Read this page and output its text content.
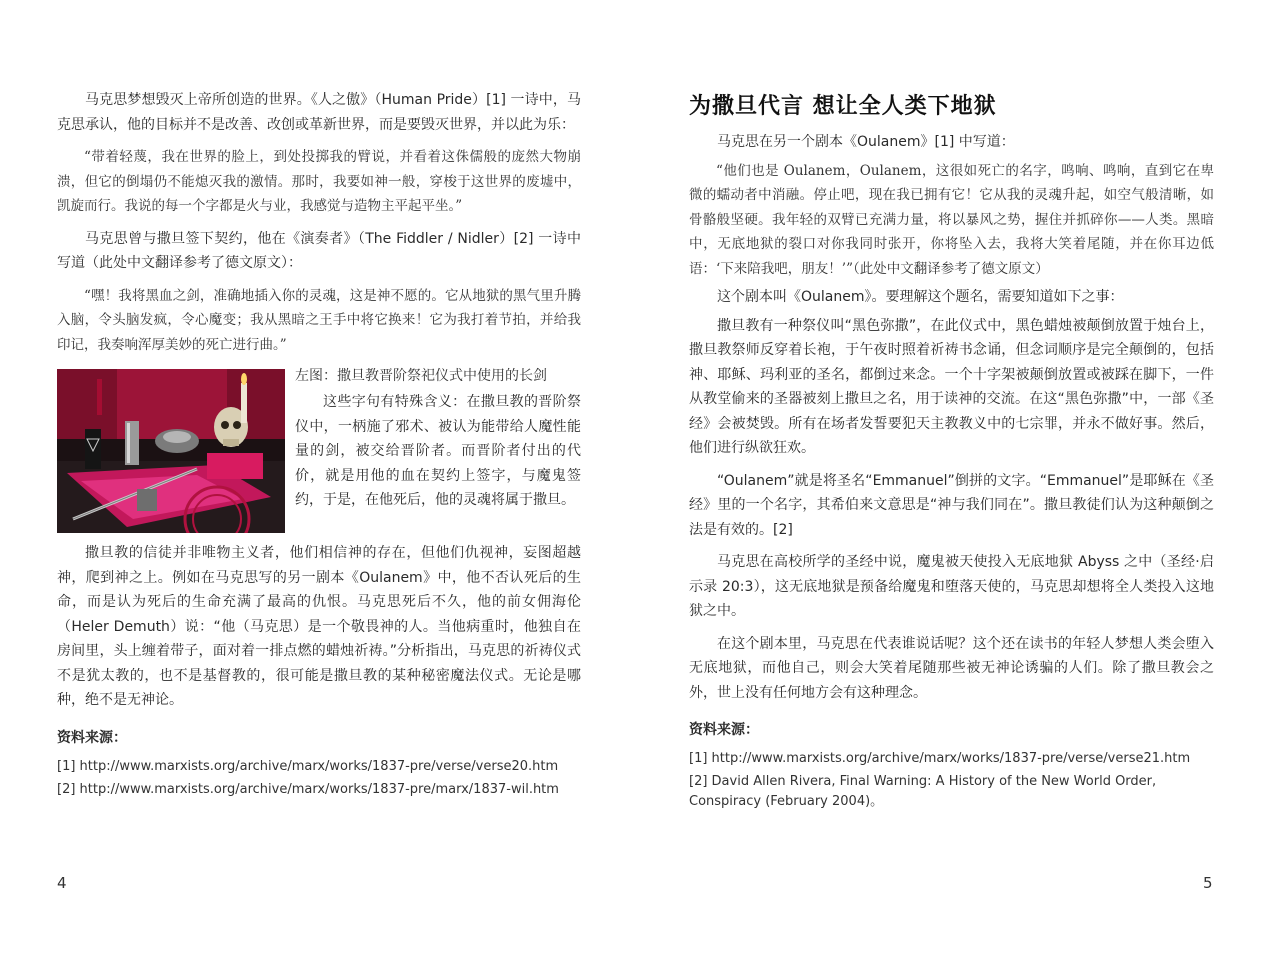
马克思梦想毁灭上帝所创造的世界。《人之傲》（Human Pride）[1] 一诗中，马克思承认，他的目标并不是改善、改创或革新世界，而是要毁灭世界，并以此为乐：

“带着轻蔑，我在世界的脸上，到处投掷我的臂说，并看着这侏儒般的庞然大物崩溃，但它的倒塌仍不能熄灭我的激情。那时，我要如神一般，穿梭于这世界的废墟中，凯旋而行。我说的每一个字都是火与业，我感觉与造物主平起平坐。”

马克思曾与撒旦签下契约，他在《演奏者》（The Fiddler / Nidler）[2] 一诗中写道（此处中文翻译参考了德文原文）：

“嘿！我将黑血之剑，准确地插入你的灵魂，这是神不愿的。它从地狱的黑气里升腾入脑，令头脑发疯，令心魔变；我从黑暗之王手中将它换来！它为我打着节拍，并给我印记，我奏响浑厚美妙的死亡进行曲。”

左图：撒旦教晋阶祭祀仪式中使用的长剑

这些字句有特殊含义：在撒旦教的晋阶祭仪中，一柄施了邪术、被认为能带给人魔性能量的剑，被交给晋阶者。而晋阶者付出的代价，就是用他的血在契约上签字，与魔鬼签约，于是，在他死后，他的灵魂将属于撒旦。

撒旦教的信徒并非唯物主义者，他们相信神的存在，但他们仇视神，妄图超越神，爬到神之上。例如在马克思写的另一剧本《Oulanem》中，他不否认死后的生命，而是认为死后的生命充满了最高的仇恨。马克思死后不久，他的前女佣海伦（Heler Demuth）说：“他（马克思）是一个敬畏神的人。当他病重时，他独自在房间里，头上缠着带子，面对着一排点燃的蜡烛祈祷。”分析指出，马克思的祈祷仪式不是犹太教的，也不是基督教的，很可能是撒旦教的某种秘密魔法仪式。无论是哪种，绝不是无神论。

资料来源：

[1] http://www.marxists.org/archive/marx/works/1837-pre/verse/verse20.htm

[2] http://www.marxists.org/archive/marx/works/1837-pre/marx/1837-wil.htm

4
为撒旦代言 想让全人类下地狱

马克思在另一个剧本《Oulanem》[1] 中写道：

“他们也是 Oulanem，Oulanem，这很如死亡的名字，鸣响、鸣响，直到它在卑微的蠕动者中消融。停止吧，现在我已拥有它！它从我的灵魂升起，如空气般清晰，如骨骼般坚硬。我年轻的双臂已充满力量，将以暴风之势，握住并抓碎你——人类。黑暗中，无底地狱的裂口对你我同时张开，你将坠入去，我将大笑着尾随，并在你耳边低语：‘下来陪我吧，朋友！’”（此处中文翻译参考了德文原文）

这个剧本叫《Oulanem》。要理解这个题名，需要知道如下之事：

撒旦教有一种祭仪叫“黑色弥撒”，在此仪式中，黑色蜡烛被颠倒放置于烛台上，撒旦教祭师反穿着长袍，于午夜时照着祈祷书念诵，但念词顺序是完全颠倒的，包括神、耶稣、玛利亚的圣名，都倒过来念。一个十字架被颠倒放置或被踩在脚下，一件从教堂偷来的圣器被刻上撒旦之名，用于读神的交流。在这“黑色弥撒”中，一部《圣经》会被焚毁。所有在场者发誓要犯天主教教义中的七宗罪，并永不做好事。然后，他们进行纵欲狂欢。

“Oulanem”就是将圣名“Emmanuel”倒拼的文字。“Emmanuel”是耶稣在《圣经》里的一个名字，其希伯来文意思是“神与我们同在”。撒旦教徒们认为这种颠倒之法是有效的。[2]

马克思在高校所学的圣经中说，魔鬼被天使投入无底地狱 Abyss 之中（圣经·启示录 20:3），这无底地狱是预备给魔鬼和堕落天使的，马克思却想将全人类投入这地狱之中。

在这个剧本里，马克思在代表谁说话呢？这个还在读书的年轻人梦想人类会堕入无底地狱，而他自己，则会大笑着尾随那些被无神论诱骗的人们。除了撒旦教会之外，世上没有任何地方会有这种理念。

资料来源：

[1] http://www.marxists.org/archive/marx/works/1837-pre/verse/verse21.htm

[2] David Allen Rivera, Final Warning: A History of the New World Order, Conspiracy (February 2004)。

5
